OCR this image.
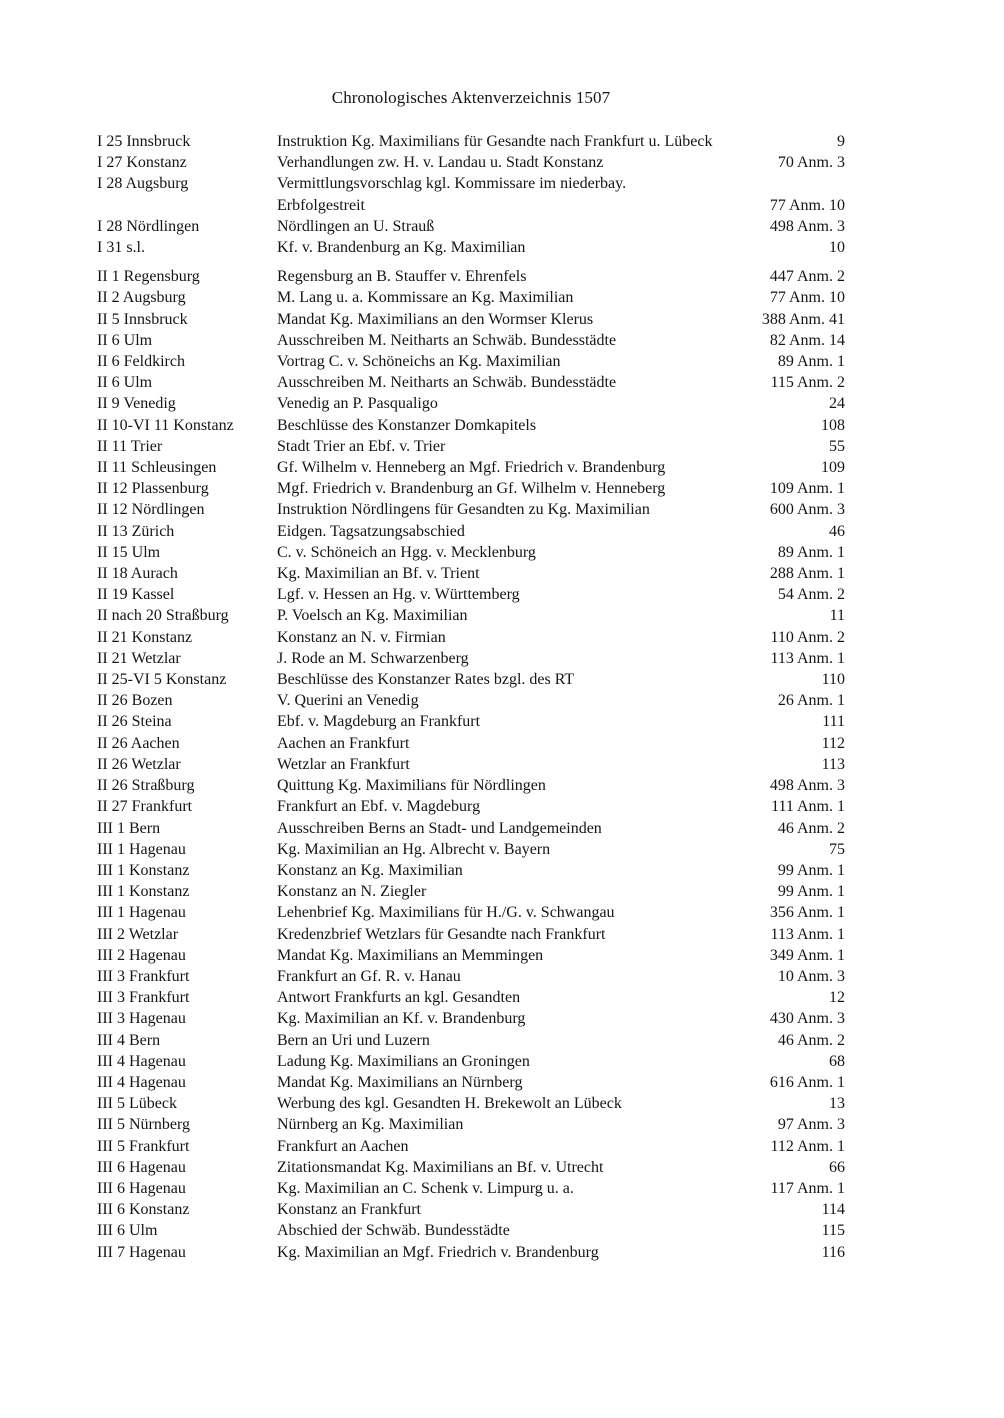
Chronologisches Aktenverzeichnis 1507
I 25 Innsbruck	Instruktion Kg. Maximilians für Gesandte nach Frankfurt u. Lübeck	9
I 27 Konstanz	Verhandlungen zw. H. v. Landau u. Stadt Konstanz	70 Anm. 3
I 28 Augsburg	Vermittlungsvorschlag kgl. Kommissare im niederbay.
Erbfolgestreit	77 Anm. 10
I 28 Nördlingen	Nördlingen an U. Strauß	498 Anm. 3
I 31 s.l.	Kf. v. Brandenburg an Kg. Maximilian	10
II 1 Regensburg	Regensburg an B. Stauffer v. Ehrenfels	447 Anm. 2
II 2 Augsburg	M. Lang u. a. Kommissare an Kg. Maximilian	77 Anm. 10
II 5 Innsbruck	Mandat Kg. Maximilians an den Wormser Klerus	388 Anm. 41
II 6 Ulm	Ausschreiben M. Neitharts an Schwäb. Bundesstädte	82 Anm. 14
II 6 Feldkirch	Vortrag C. v. Schöneichs an Kg. Maximilian	89 Anm. 1
II 6 Ulm	Ausschreiben M. Neitharts an Schwäb. Bundesstädte	115 Anm. 2
II 9 Venedig	Venedig an P. Pasqualigo	24
II 10-VI 11 Konstanz	Beschlüsse des Konstanzer Domkapitels	108
II 11 Trier	Stadt Trier an Ebf. v. Trier	55
II 11 Schleusingen	Gf. Wilhelm v. Henneberg an Mgf. Friedrich v. Brandenburg	109
II 12 Plassenburg	Mgf. Friedrich v. Brandenburg an Gf. Wilhelm v. Henneberg	109 Anm. 1
II 12 Nördlingen	Instruktion Nördlingens für Gesandten zu Kg. Maximilian	600 Anm. 3
II 13 Zürich	Eidgen. Tagsatzungsabschied	46
II 15 Ulm	C. v. Schöneich an Hgg. v. Mecklenburg	89 Anm. 1
II 18 Aurach	Kg. Maximilian an Bf. v. Trient	288 Anm. 1
II 19 Kassel	Lgf. v. Hessen an Hg. v. Württemberg	54 Anm. 2
II nach 20 Straßburg	P. Voelsch an Kg. Maximilian	11
II 21 Konstanz	Konstanz an N. v. Firmian	110 Anm. 2
II 21 Wetzlar	J. Rode an M. Schwarzenberg	113 Anm. 1
II 25-VI 5 Konstanz	Beschlüsse des Konstanzer Rates bzgl. des RT	110
II 26 Bozen	V. Querini an Venedig	26 Anm. 1
II 26 Steina	Ebf. v. Magdeburg an Frankfurt	111
II 26 Aachen	Aachen an Frankfurt	112
II 26 Wetzlar	Wetzlar an Frankfurt	113
II 26 Straßburg	Quittung Kg. Maximilians für Nördlingen	498 Anm. 3
II 27 Frankfurt	Frankfurt an Ebf. v. Magdeburg	111 Anm. 1
III 1 Bern	Ausschreiben Berns an Stadt- und Landgemeinden	46 Anm. 2
III 1 Hagenau	Kg. Maximilian an Hg. Albrecht v. Bayern	75
III 1 Konstanz	Konstanz an Kg. Maximilian	99 Anm. 1
III 1 Konstanz	Konstanz an N. Ziegler	99 Anm. 1
III 1 Hagenau	Lehenbrief Kg. Maximilians für H./G. v. Schwangau	356 Anm. 1
III 2 Wetzlar	Kredenzbrief Wetzlars für Gesandte nach Frankfurt	113 Anm. 1
III 2 Hagenau	Mandat Kg. Maximilians an Memmingen	349 Anm. 1
III 3 Frankfurt	Frankfurt an Gf. R. v. Hanau	10 Anm. 3
III 3 Frankfurt	Antwort Frankfurts an kgl. Gesandten	12
III 3 Hagenau	Kg. Maximilian an Kf. v. Brandenburg	430 Anm. 3
III 4 Bern	Bern an Uri und Luzern	46 Anm. 2
III 4 Hagenau	Ladung Kg. Maximilians an Groningen	68
III 4 Hagenau	Mandat Kg. Maximilians an Nürnberg	616 Anm. 1
III 5 Lübeck	Werbung des kgl. Gesandten H. Brekewolt an Lübeck	13
III 5 Nürnberg	Nürnberg an Kg. Maximilian	97 Anm. 3
III 5 Frankfurt	Frankfurt an Aachen	112 Anm. 1
III 6 Hagenau	Zitationsmandat Kg. Maximilians an Bf. v. Utrecht	66
III 6 Hagenau	Kg. Maximilian an C. Schenk v. Limpurg u. a.	117 Anm. 1
III 6 Konstanz	Konstanz an Frankfurt	114
III 6 Ulm	Abschied der Schwäb. Bundesstädte	115
III 7 Hagenau	Kg. Maximilian an Mgf. Friedrich v. Brandenburg	116
